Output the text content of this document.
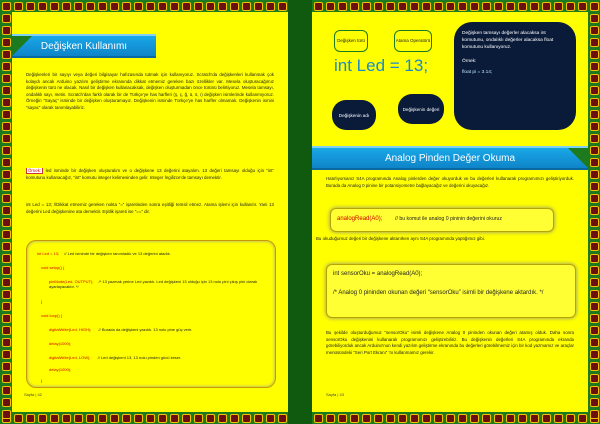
Değişken Kullanımı
Değişkenleri bir sayıyı veya değeri bilgisayar hafızasında tutmak için kullanıyoruz. Scratch'da değişkenleri kullanmak çok kolaydı ancak Arduino yazılım geliştirme ekranında dikkat etmemiz gereken bazı özellikler var. Mesela oluşturacağımız değişkenin türü ne olacak. Nasıl bir değişken kullanacaksak, değişken oluşturmadan önce türünü belirtiyoruz. Mesela tamsayı, ondalıklı sayı, metin. Scratch'dan farklı olarak bir de Türkçe'ye has harfleri (ş, ç, ğ, ü, ö, ı) değişken isimlerinde kullanmıyoruz. Örneğin “Sayaç” isminde bir değişken oluşturamayız. Değişkenin isminde Türkçe'ye has harfler olmamalı. Değişkenin ismini “sayac” olarak tanımlayabiliriz.
Örnek: led isminde bir değişken oluşturalım ve o değişkene 13 değerini atayalım. 13 değeri tamsayı olduğu için “int” komutunu kullanacağız, “int” komutu integer kelimesinden gelir. Integer İngilizce'de tamsayı demektir.
int Led = 13; //Dikkat etmemiz gereken nokta “=” işaretinden sonra eşitliği temsil etmez. Atama işlemi için kullanılır. Yani 13 değerini Led değişkenine ata demektir. Eşitlik işareti ise “==” dir.
int Led = 13; // Led isminde bir değişken tanımladık ve 13 değerini atadık.
void setup() {
pinMode(Led, OUTPUT); /* 13 yazmak yerine Led yazdık. Led değişkeni 13 olduğu için 13 nolu pini çıkış pini olarak ayarlayacaktır. */
}
void loop() {
digitalWrite(Led, HIGH); // Burada da değişkeni yazdık. 13 nolu pine güç verir.
delay(1000);
digitalWrite(Led, LOW); // Led değişkeni 13, 13 nolu pinden gücü keser.
delay(1000);
}
Sayfa | 42
Değişken türü	Atama Operatörü
int Led = 13;
Değişkenin adı
Değişkenin değeri
Değişken tamsayı değerler alacaksa int komutunu, ondalıklı değerler alacaksa float komutunu kullanıyoruz.
Örnek:
float pi = 3.14;
Analog Pinden Değer Okuma
Hatırlıyorsanız S4A programında Analog pinlerden değer okuyorduk ve bu değerleri kullanarak programımızı geliştiriyorduk. Burada da Analog 0 pinine bir potansiyometre bağlayacağız ve değerini okuyacağız.
analogRead(A0); // bu komut ile analog 0 pininin değerini okuruz
Bu okuduğumuz değeri bir değişkene aktarırken aynı S4A programında yaptığımız gibi.
int sensorOku = analogRead(A0);
/* Analog 0 pininden okunan değeri “sensorOku” isimli bir değişkene aktardık. */
Bu şekilde oluşturduğumuz “sensorOku” isimli değişkene Analog 0 pininden okunan değeri atamış olduk. Daha sonra sensorOku değişkenini kullanarak programımızı geliştirebiliriz. Bu değişkenin değerleri S4A programında ekranda görebiliyorduk ancak Arduino'nun kendi yazılım geliştirme ekranında bu değerleri görebilmemiz için bir kod yazmamız ve araçlar menüsündeki “Seri Port Ekranı” ’nı kullanmamız gerekir.
Sayfa | 43
